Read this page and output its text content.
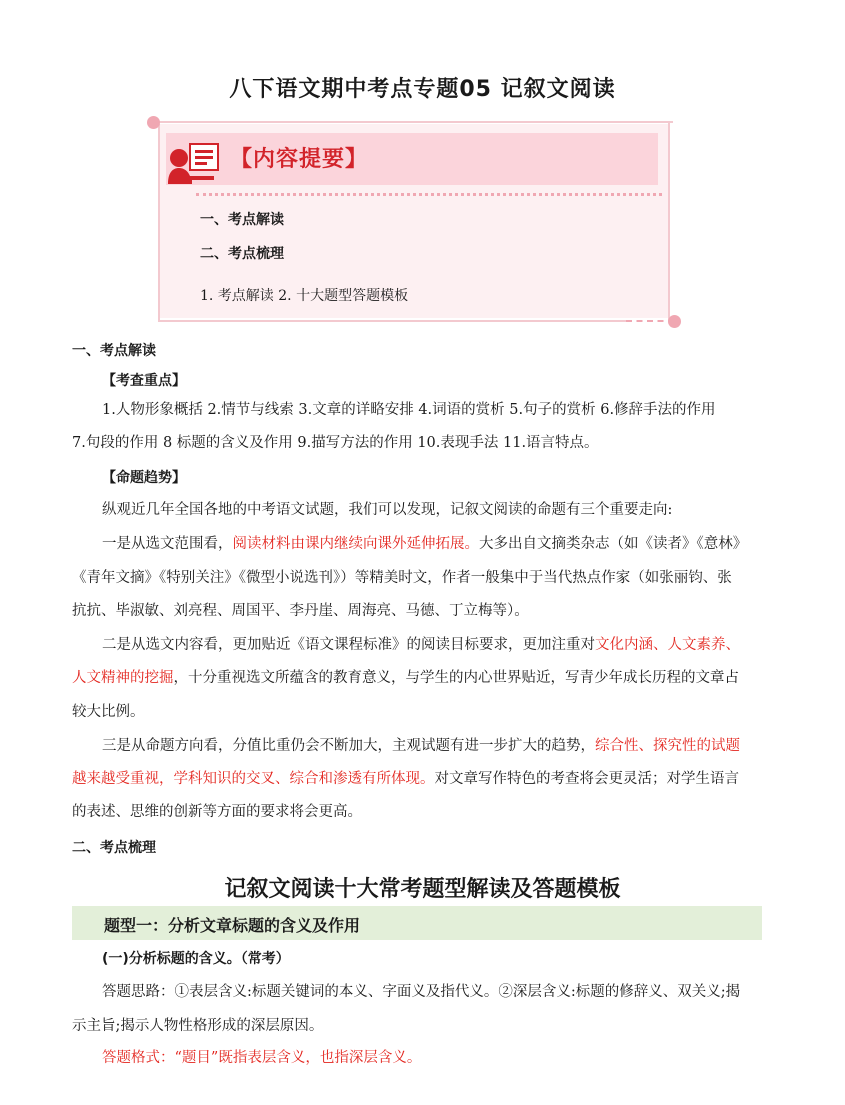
八下语文期中考点专题05 记叙文阅读
【内容提要】
一、考点解读
二、考点梳理
1. 考点解读 2. 十大题型答题模板
一、考点解读
【考查重点】
1.人物形象概括 2.情节与线索 3.文章的详略安排 4.词语的赏析 5.句子的赏析 6.修辞手法的作用
7.句段的作用 8 标题的含义及作用 9.描写方法的作用 10.表现手法 11.语言特点。
【命题趋势】
纵观近几年全国各地的中考语文试题，我们可以发现，记叙文阅读的命题有三个重要走向:
一是从选文范围看，阅读材料由课内继续向课外延伸拓展。大多出自文摘类杂志（如《读者》《意林》
《青年文摘》《特别关注》《微型小说选刊》）等精美时文，作者一般集中于当代热点作家（如张丽钧、张
抗抗、毕淑敏、刘亮程、周国平、李丹崖、周海亮、马德、丁立梅等）。
二是从选文内容看，更加贴近《语文课程标准》的阅读目标要求，更加注重对文化内涵、人文素养、
人文精神的挖掘，十分重视选文所蕴含的教育意义，与学生的内心世界贴近，写青少年成长历程的文章占
较大比例。
三是从命题方向看，分值比重仍会不断加大，主观试题有进一步扩大的趋势，综合性、探究性的试题
越来越受重视，学科知识的交叉、综合和渗透有所体现。对文章写作特色的考查将会更灵活；对学生语言
的表述、思维的创新等方面的要求将会更高。
二、考点梳理
记叙文阅读十大常考题型解读及答题模板
题型一：分析文章标题的含义及作用
(一)分析标题的含义。（常考）
答题思路：①表层含义:标题关键词的本义、字面义及指代义。②深层含义:标题的修辞义、双关义;揭
示主旨;揭示人物性格形成的深层原因。
答题格式：“题目”既指表层含义，也指深层含义。
